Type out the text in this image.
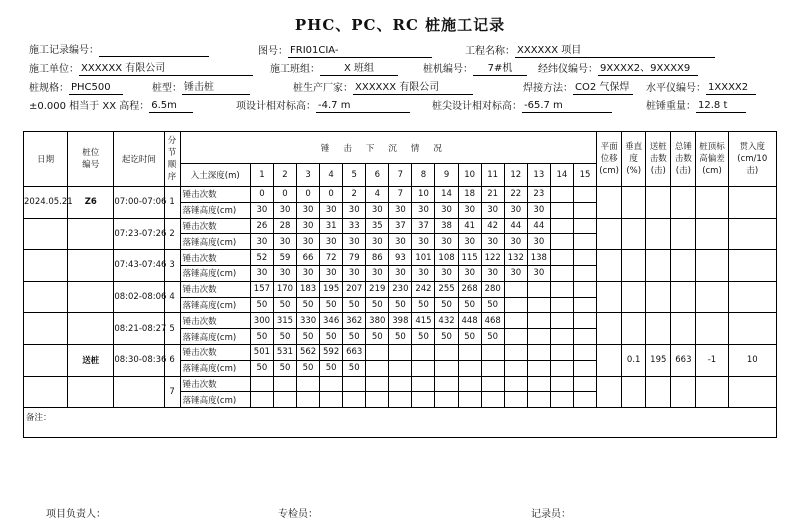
PHC、PC、RC 桩施工记录
施工记录编号：	图号： FRI01CIA-	工程名称： XXXXXX 项目
施工单位： XXXXXX 有限公司	施工班组： X 班组	桩机编号： 7#机	经纬仪编号： 9XXXX2、9XXXX9
桩规格： PHC500	桩型： 锤击桩	桩生产厂家： XXXXXX 有限公司	焊接方法： CO2 气保焊	水平仪编号： 1XXXX2
±0.000 相当于 XX 高程： 6.5m	项设计相对标高： -4.7 m	桩尖设计相对标高： -65.7 m	桩锤重量： 12.8 t
日期	桩位编号	起讫时间	分节顺序	锤击下沉情况																平面位移(cm)	垂直度(%)	送桩击数(击)	总锤击数(击)	桩顶标高偏差(cm)	贯入度(cm/10 击)
				入土深度(m)	1	2	3	4	5	6	7	8	9	10	11	12	13	14	15						
2024.05.21	Z6	07:00-07:06	1	锤击次数	0	0	0	0	2	4	7	10	14	18	21	22	23								
				落锤高度(cm)	30	30	30	30	30	30	30	30	30	30	30	30	30								
		07:23-07:26	2	锤击次数	26	28	30	31	33	35	37	37	38	41	42	44	44								
				落锤高度(cm)	30	30	30	30	30	30	30	30	30	30	30	30	30								
		07:43-07:46	3	锤击次数	52	59	66	72	79	86	93	101	108	115	122	132	138								
				落锤高度(cm)	30	30	30	30	30	30	30	30	30	30	30	30	30								
		08:02-08:06	4	锤击次数	157	170	183	195	207	219	230	242	255	268	280										
				落锤高度(cm)	50	50	50	50	50	50	50	50	50	50	50										
		08:21-08:27	5	锤击次数	300	315	330	346	362	380	398	415	432	448	468										
				落锤高度(cm)	50	50	50	50	50	50	50	50	50	50	50										
	送桩	08:30-08:36	6	锤击次数	501	531	562	592	663												0.1	195	663	-1	10
				落锤高度(cm)	50	50	50	50	50																
			7	锤击次数																					
				落锤高度(cm)																					
备注：																									
项目负责人：	专检员：	记录员：
